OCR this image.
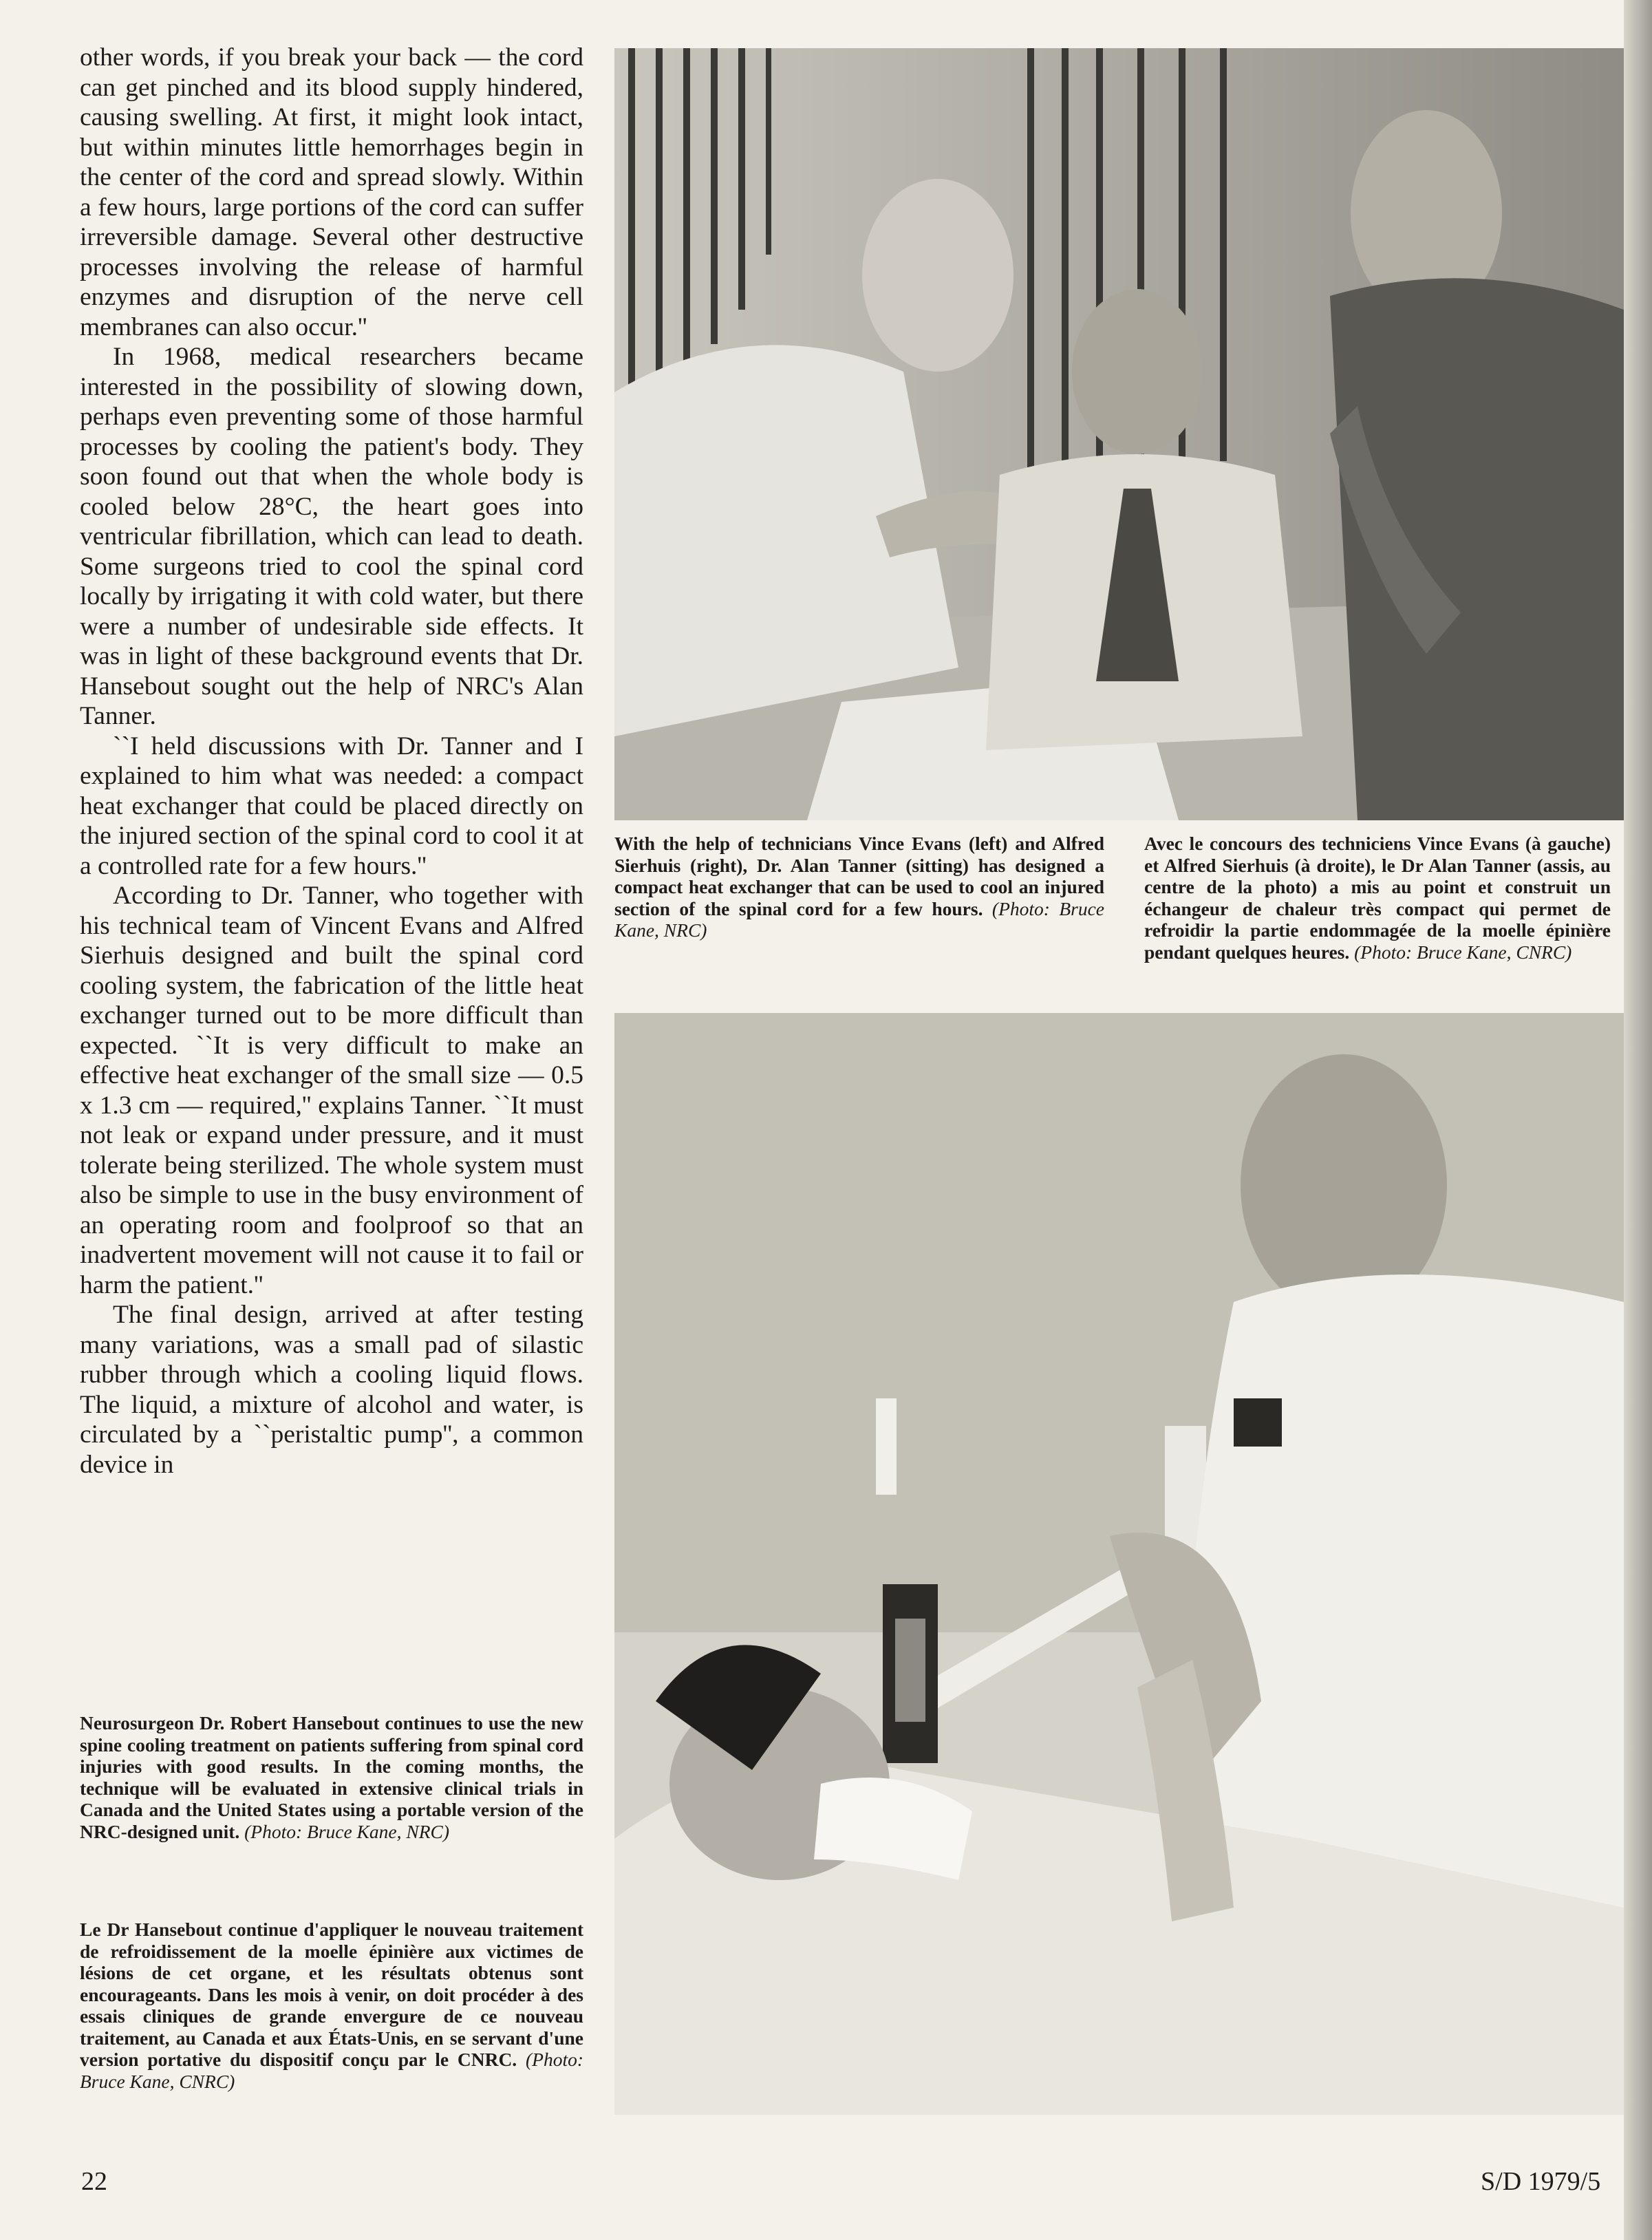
other words, if you break your back — the cord can get pinched and its blood supply hindered, causing swelling. At first, it might look intact, but within minutes little hemorrhages begin in the center of the cord and spread slowly. Within a few hours, large portions of the cord can suffer irreversible damage. Several other destructive processes involving the release of harmful enzymes and disruption of the nerve cell membranes can also occur.''

In 1968, medical researchers became interested in the possibility of slowing down, perhaps even preventing some of those harmful processes by cooling the patient's body. They soon found out that when the whole body is cooled below 28°C, the heart goes into ventricular fibrillation, which can lead to death. Some surgeons tried to cool the spinal cord locally by irrigating it with cold water, but there were a number of undesirable side effects. It was in light of these background events that Dr. Hansebout sought out the help of NRC's Alan Tanner.

``I held discussions with Dr. Tanner and I explained to him what was needed: a compact heat exchanger that could be placed directly on the injured section of the spinal cord to cool it at a controlled rate for a few hours.''

According to Dr. Tanner, who together with his technical team of Vincent Evans and Alfred Sierhuis designed and built the spinal cord cooling system, the fabrication of the little heat exchanger turned out to be more difficult than expected. ``It is very difficult to make an effective heat exchanger of the small size — 0.5 x 1.3 cm — required,'' explains Tanner. ``It must not leak or expand under pressure, and it must tolerate being sterilized. The whole system must also be simple to use in the busy environment of an operating room and foolproof so that an inadvertent movement will not cause it to fail or harm the patient.''

The final design, arrived at after testing many variations, was a small pad of silastic rubber through which a cooling liquid flows. The liquid, a mixture of alcohol and water, is circulated by a ``peristaltic pump'', a common device in

With the help of technicians Vince Evans (left) and Alfred Sierhuis (right), Dr. Alan Tanner (sitting) has designed a compact heat exchanger that can be used to cool an injured section of the spinal cord for a few hours. (Photo: Bruce Kane, NRC)

Avec le concours des techniciens Vince Evans (à gauche) et Alfred Sierhuis (à droite), le Dr Alan Tanner (assis, au centre de la photo) a mis au point et construit un échangeur de chaleur très compact qui permet de refroidir la partie endommagée de la moelle épinière pendant quelques heures. (Photo: Bruce Kane, CNRC)

Neurosurgeon Dr. Robert Hansebout continues to use the new spine cooling treatment on patients suffering from spinal cord injuries with good results. In the coming months, the technique will be evaluated in extensive clinical trials in Canada and the United States using a portable version of the NRC-designed unit. (Photo: Bruce Kane, NRC)

Le Dr Hansebout continue d'appliquer le nouveau traitement de refroidissement de la moelle épinière aux victimes de lésions de cet organe, et les résultats obtenus sont encourageants. Dans les mois à venir, on doit procéder à des essais cliniques de grande envergure de ce nouveau traitement, au Canada et aux États-Unis, en se servant d'une version portative du dispositif conçu par le CNRC. (Photo: Bruce Kane, CNRC)

22	S/D 1979/5
